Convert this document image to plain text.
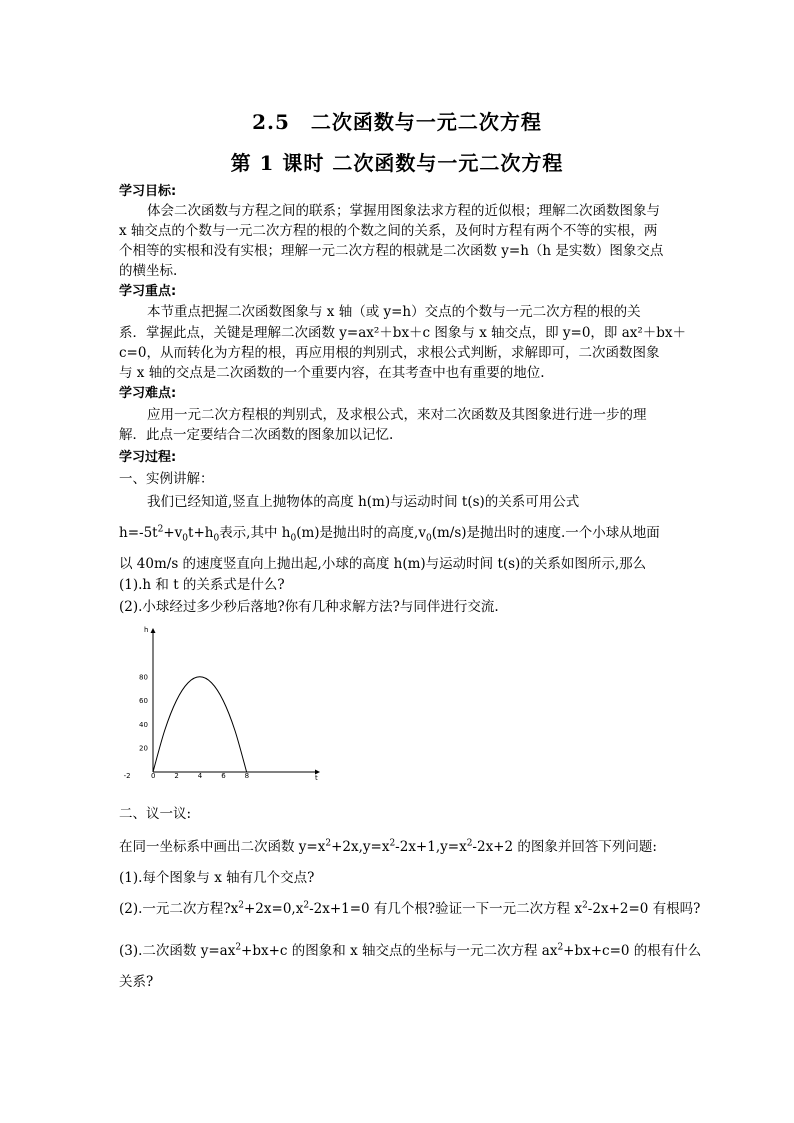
2.5　二次函数与一元二次方程
第 1 课时 二次函数与一元二次方程
学习目标:
体会二次函数与方程之间的联系；掌握用图象法求方程的近似根；理解二次函数图象与
x 轴交点的个数与一元二次方程的根的个数之间的关系，及何时方程有两个不等的实根，两
个相等的实根和没有实根；理解一元二次方程的根就是二次函数 y=h（h 是实数）图象交点
的横坐标.
学习重点:
本节重点把握二次函数图象与 x 轴（或 y=h）交点的个数与一元二次方程的根的关
系．掌握此点，关键是理解二次函数 y=ax²＋bx＋c 图象与 x 轴交点，即 y=0，即 ax²＋bx＋
c=0，从而转化为方程的根，再应用根的判别式，求根公式判断，求解即可，二次函数图象
与 x 轴的交点是二次函数的一个重要内容，在其考查中也有重要的地位.
学习难点:
应用一元二次方程根的判别式，及求根公式，来对二次函数及其图象进行进一步的理
解．此点一定要结合二次函数的图象加以记忆.
学习过程:
一、实例讲解：
我们已经知道,竖直上抛物体的高度 h(m)与运动时间 t(s)的关系可用公式
$h=-5t^2+v_0t+h_0$表示,其中 $h_0(m)$是抛出时的高度$,v_0(m/s)$是抛出时的速度.一个小球从地面
以 40m/s 的速度竖直向上抛出起,小球的高度 h(m)与运动时间 t(s)的关系如图所示,那么
(1).h 和 t 的关系式是什么?
(2).小球经过多少秒后落地?你有几种求解方法?与同伴进行交流.
t
h
-2	0	2	4	6	8
20
40
60
80
二、议一议:
在同一坐标系中画出二次函数 $y=x^2+2x,y=x^2-2x+1,y=x^2-2x+2$ 的图象并回答下列问题:
(1).每个图象与 x 轴有几个交点?
(2).一元二次方程$?x^2+2x=0,x^2-2x+1=0$ 有几个根?验证一下一元二次方程 $x^2-2x+2=0$ 有根吗?
(3).二次函数 $y=ax^2+bx+c$ 的图象和 x 轴交点的坐标与一元二次方程 $ax^2+bx+c=0$ 的根有什么
关系?
